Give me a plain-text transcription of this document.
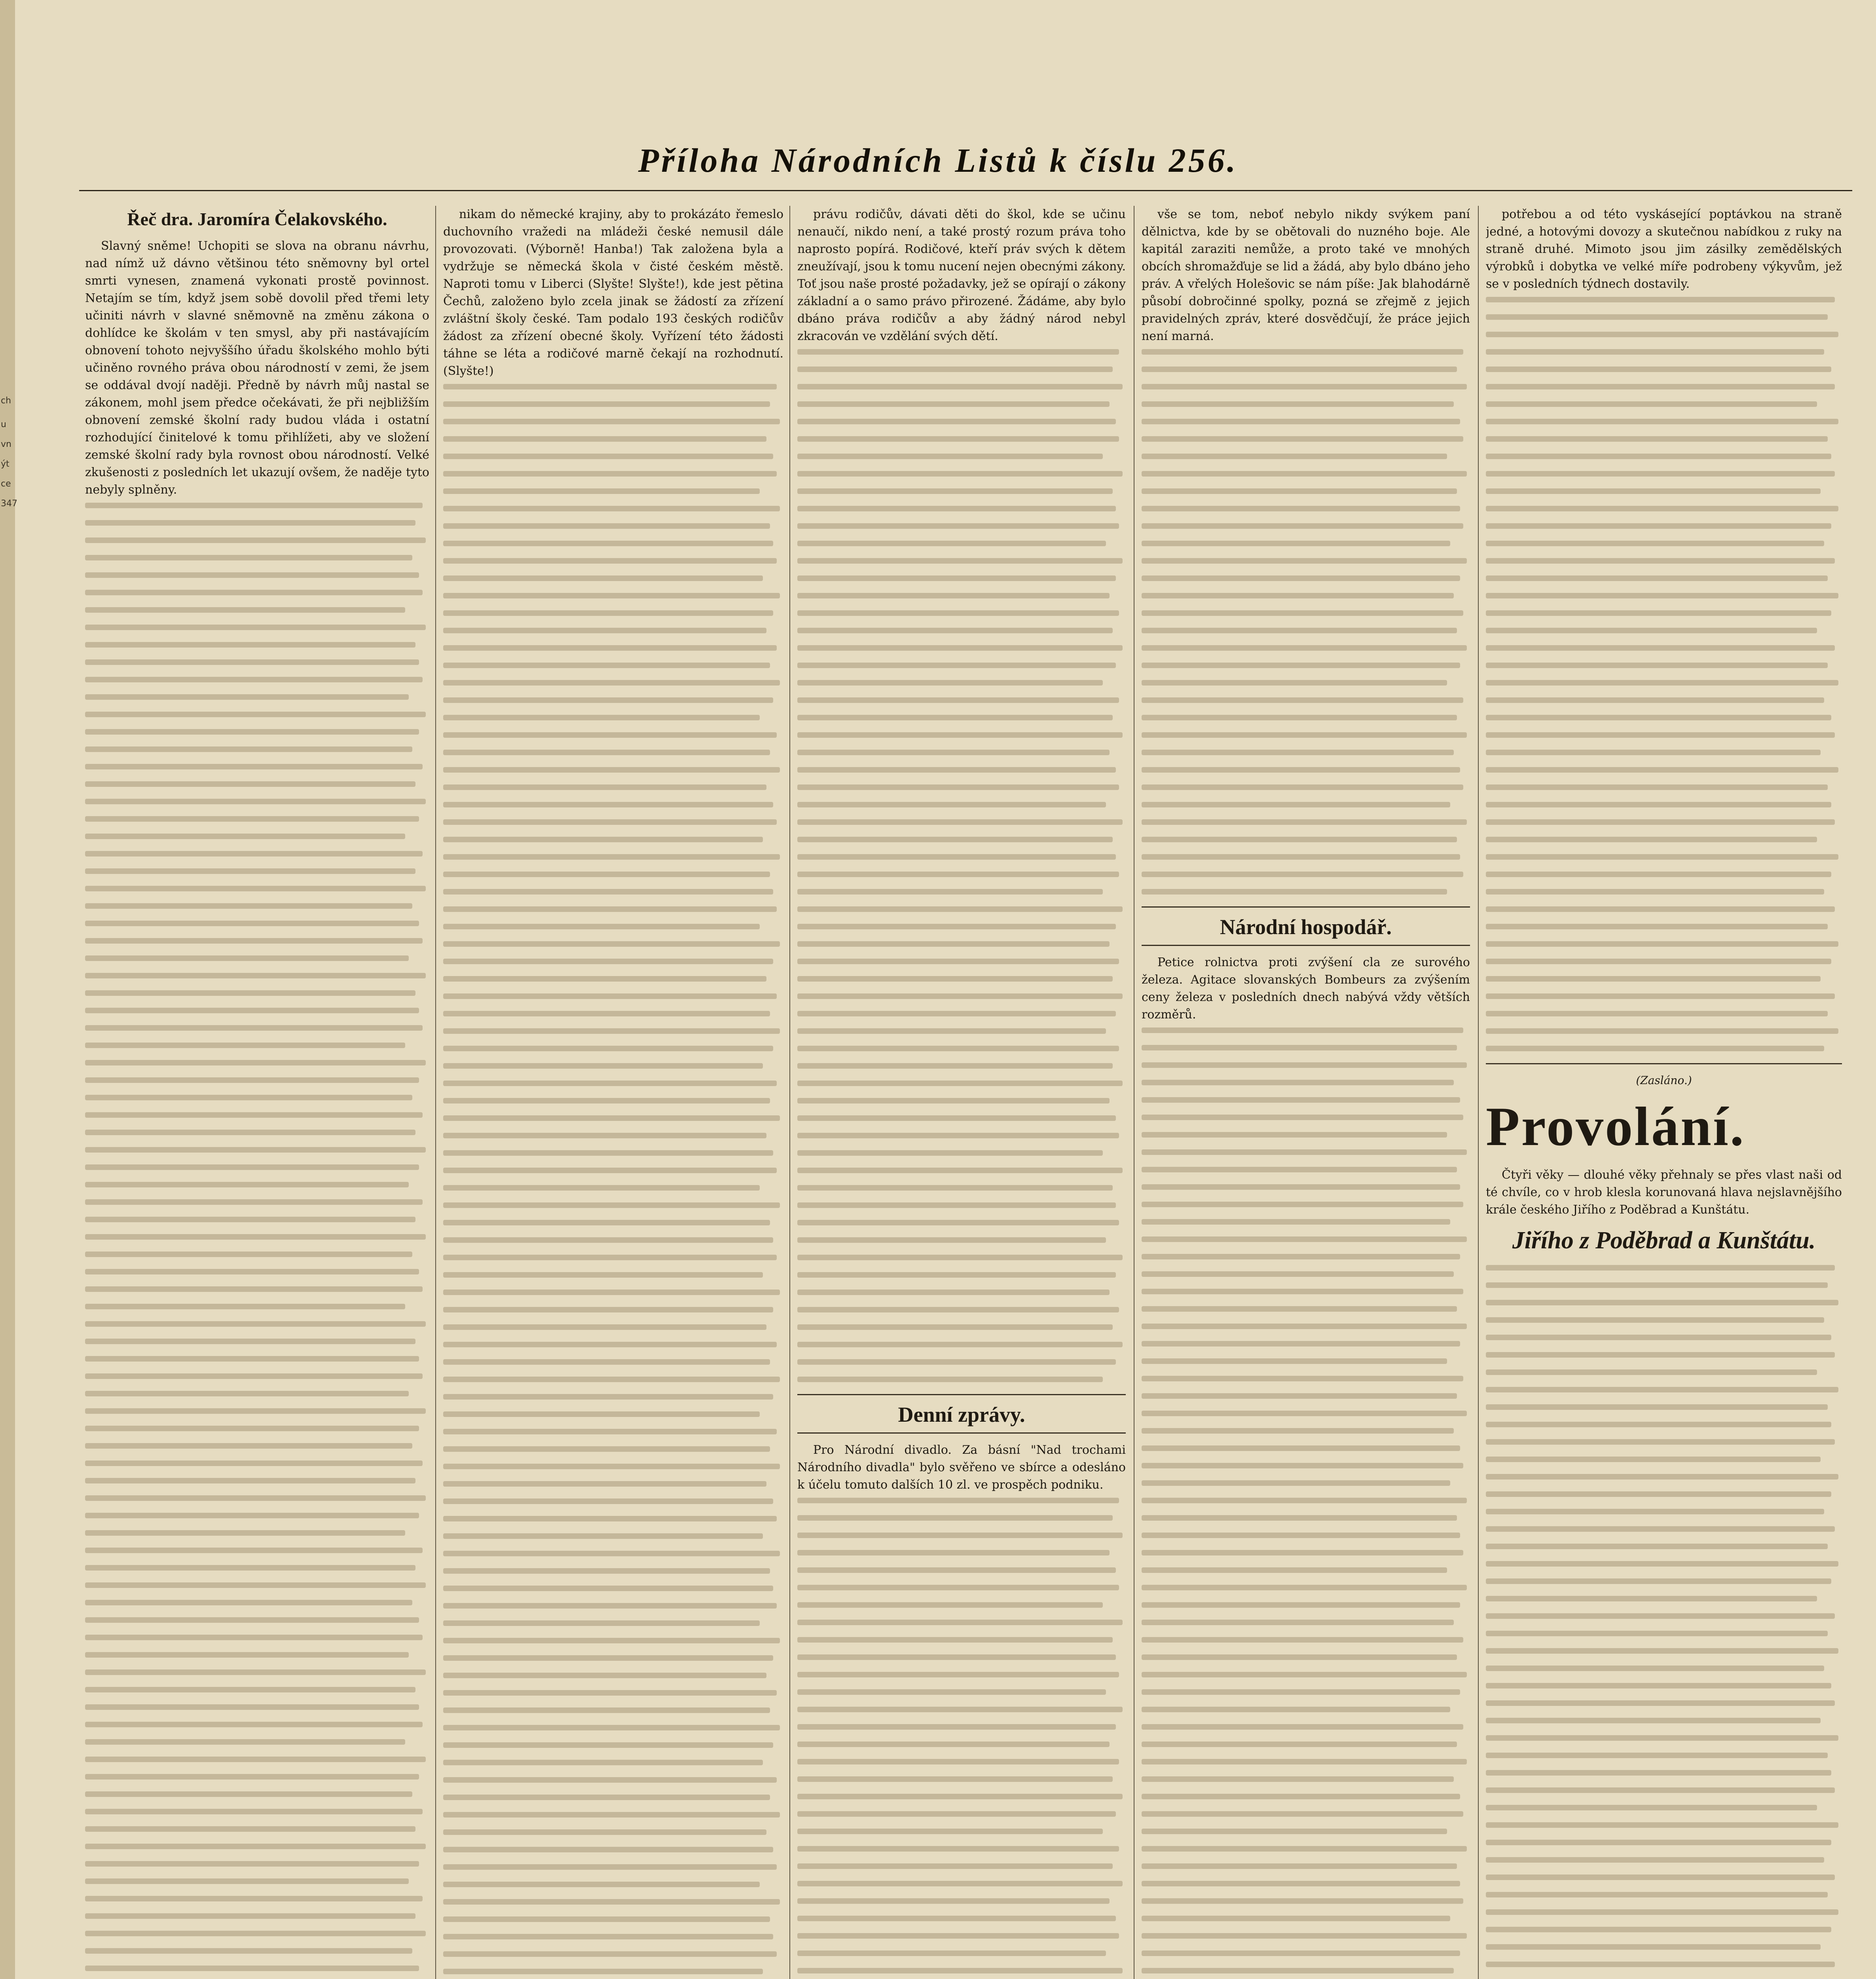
ch
u
vn
ýt
ce
347
Příloha Národních Listů k číslu 256.
Řeč dra. Jaromíra Čelakovského.

Slavný sněme! Uchopiti se slova na obranu návrhu, nad nímž už dávno většinou této sněmovny byl ortel smrti vynesen, znamená vykonati prostě povinnost. Netajím se tím, když jsem sobě dovolil před třemi lety učiniti návrh v slavné sněmovně na změnu zákona o dohlídce ke školám v ten smysl, aby při nastávajícím obnovení tohoto nejvyššího úřadu školského mohlo býti učiněno rovného práva obou národností v zemi, že jsem se oddával dvojí naději. Předně by návrh můj nastal se zákonem, mohl jsem předce očekávati, že při nejbližším obnovení zemské školní rady budou vláda i ostatní rozhodující činitelové k tomu přihlížeti, aby ve složení zemské školní rady byla rovnost obou národností. Velké zkušenosti z posledních let ukazují ovšem, že naděje tyto nebyly splněny.

nikam do německé krajiny, aby to prokázáto řemeslo duchovního vražedi na mládeži české nemusil dále provozovati. (Výborně! Hanba!) Tak založena byla a vydržuje se německá škola v čisté českém městě. Naproti tomu v Liberci (Slyšte! Slyšte!), kde jest pětina Čechů, založeno bylo zcela jinak se žádostí za zřízení zvláštní školy české. Tam podalo 193 českých rodičův žádost za zřízení obecné školy. Vyřízení této žádosti táhne se léta a rodičové marně čekají na rozhodnutí. (Slyšte!)

právu rodičův, dávati děti do škol, kde se učinu nenaučí, nikdo není, a také prostý rozum práva toho naprosto popírá. Rodičové, kteří práv svých k dětem zneužívají, jsou k tomu nucení nejen obecnými zákony. Toť jsou naše prosté požadavky, jež se opírají o zákony základní a o samo právo přirozené. Žádáme, aby bylo dbáno práva rodičův a aby žádný národ nebyl zkracován ve vzdělání svých dětí.

Denní zprávy.

Pro Národní divadlo. Za básní "Nad trochami Národního divadla" bylo svěřeno ve sbírce a odesláno k účelu tomuto dalších 10 zl. ve prospěch podniku.

vše se tom, neboť nebylo nikdy svýkem paní dělnictva, kde by se obětovali do nuzného boje. Ale kapitál zaraziti nemůže, a proto také ve mnohých obcích shromažďuje se lid a žádá, aby bylo dbáno jeho práv. A vřelých Holešovic se nám píše: Jak blahodárně působí dobročinné spolky, pozná se zřejmě z jejich pravidelných zpráv, které dosvědčují, že práce jejich není marná.

Národní hospodář.

Petice rolnictva proti zvýšení cla ze surového železa. Agitace slovanských Bombeurs za zvýšením ceny železa v posledních dnech nabývá vždy větších rozměrů.

potřebou a od této vyskásející poptávkou na straně jedné, a hotovými dovozy a skutečnou nabídkou z ruky na straně druhé. Mimoto jsou jim zásilky zemědělských výrobků i dobytka ve velké míře podrobeny výkyvům, jež se v posledních týdnech dostavily.

(Zasláno.)
Provolání.

Čtyři věky — dlouhé věky přehnaly se přes vlast naši od té chvíle, co v hrob klesla korunovaná hlava nejslavnějšího krále českého Jiřího z Poděbrad a Kunštátu.

Jiřího z Poděbrad a Kunštátu.
